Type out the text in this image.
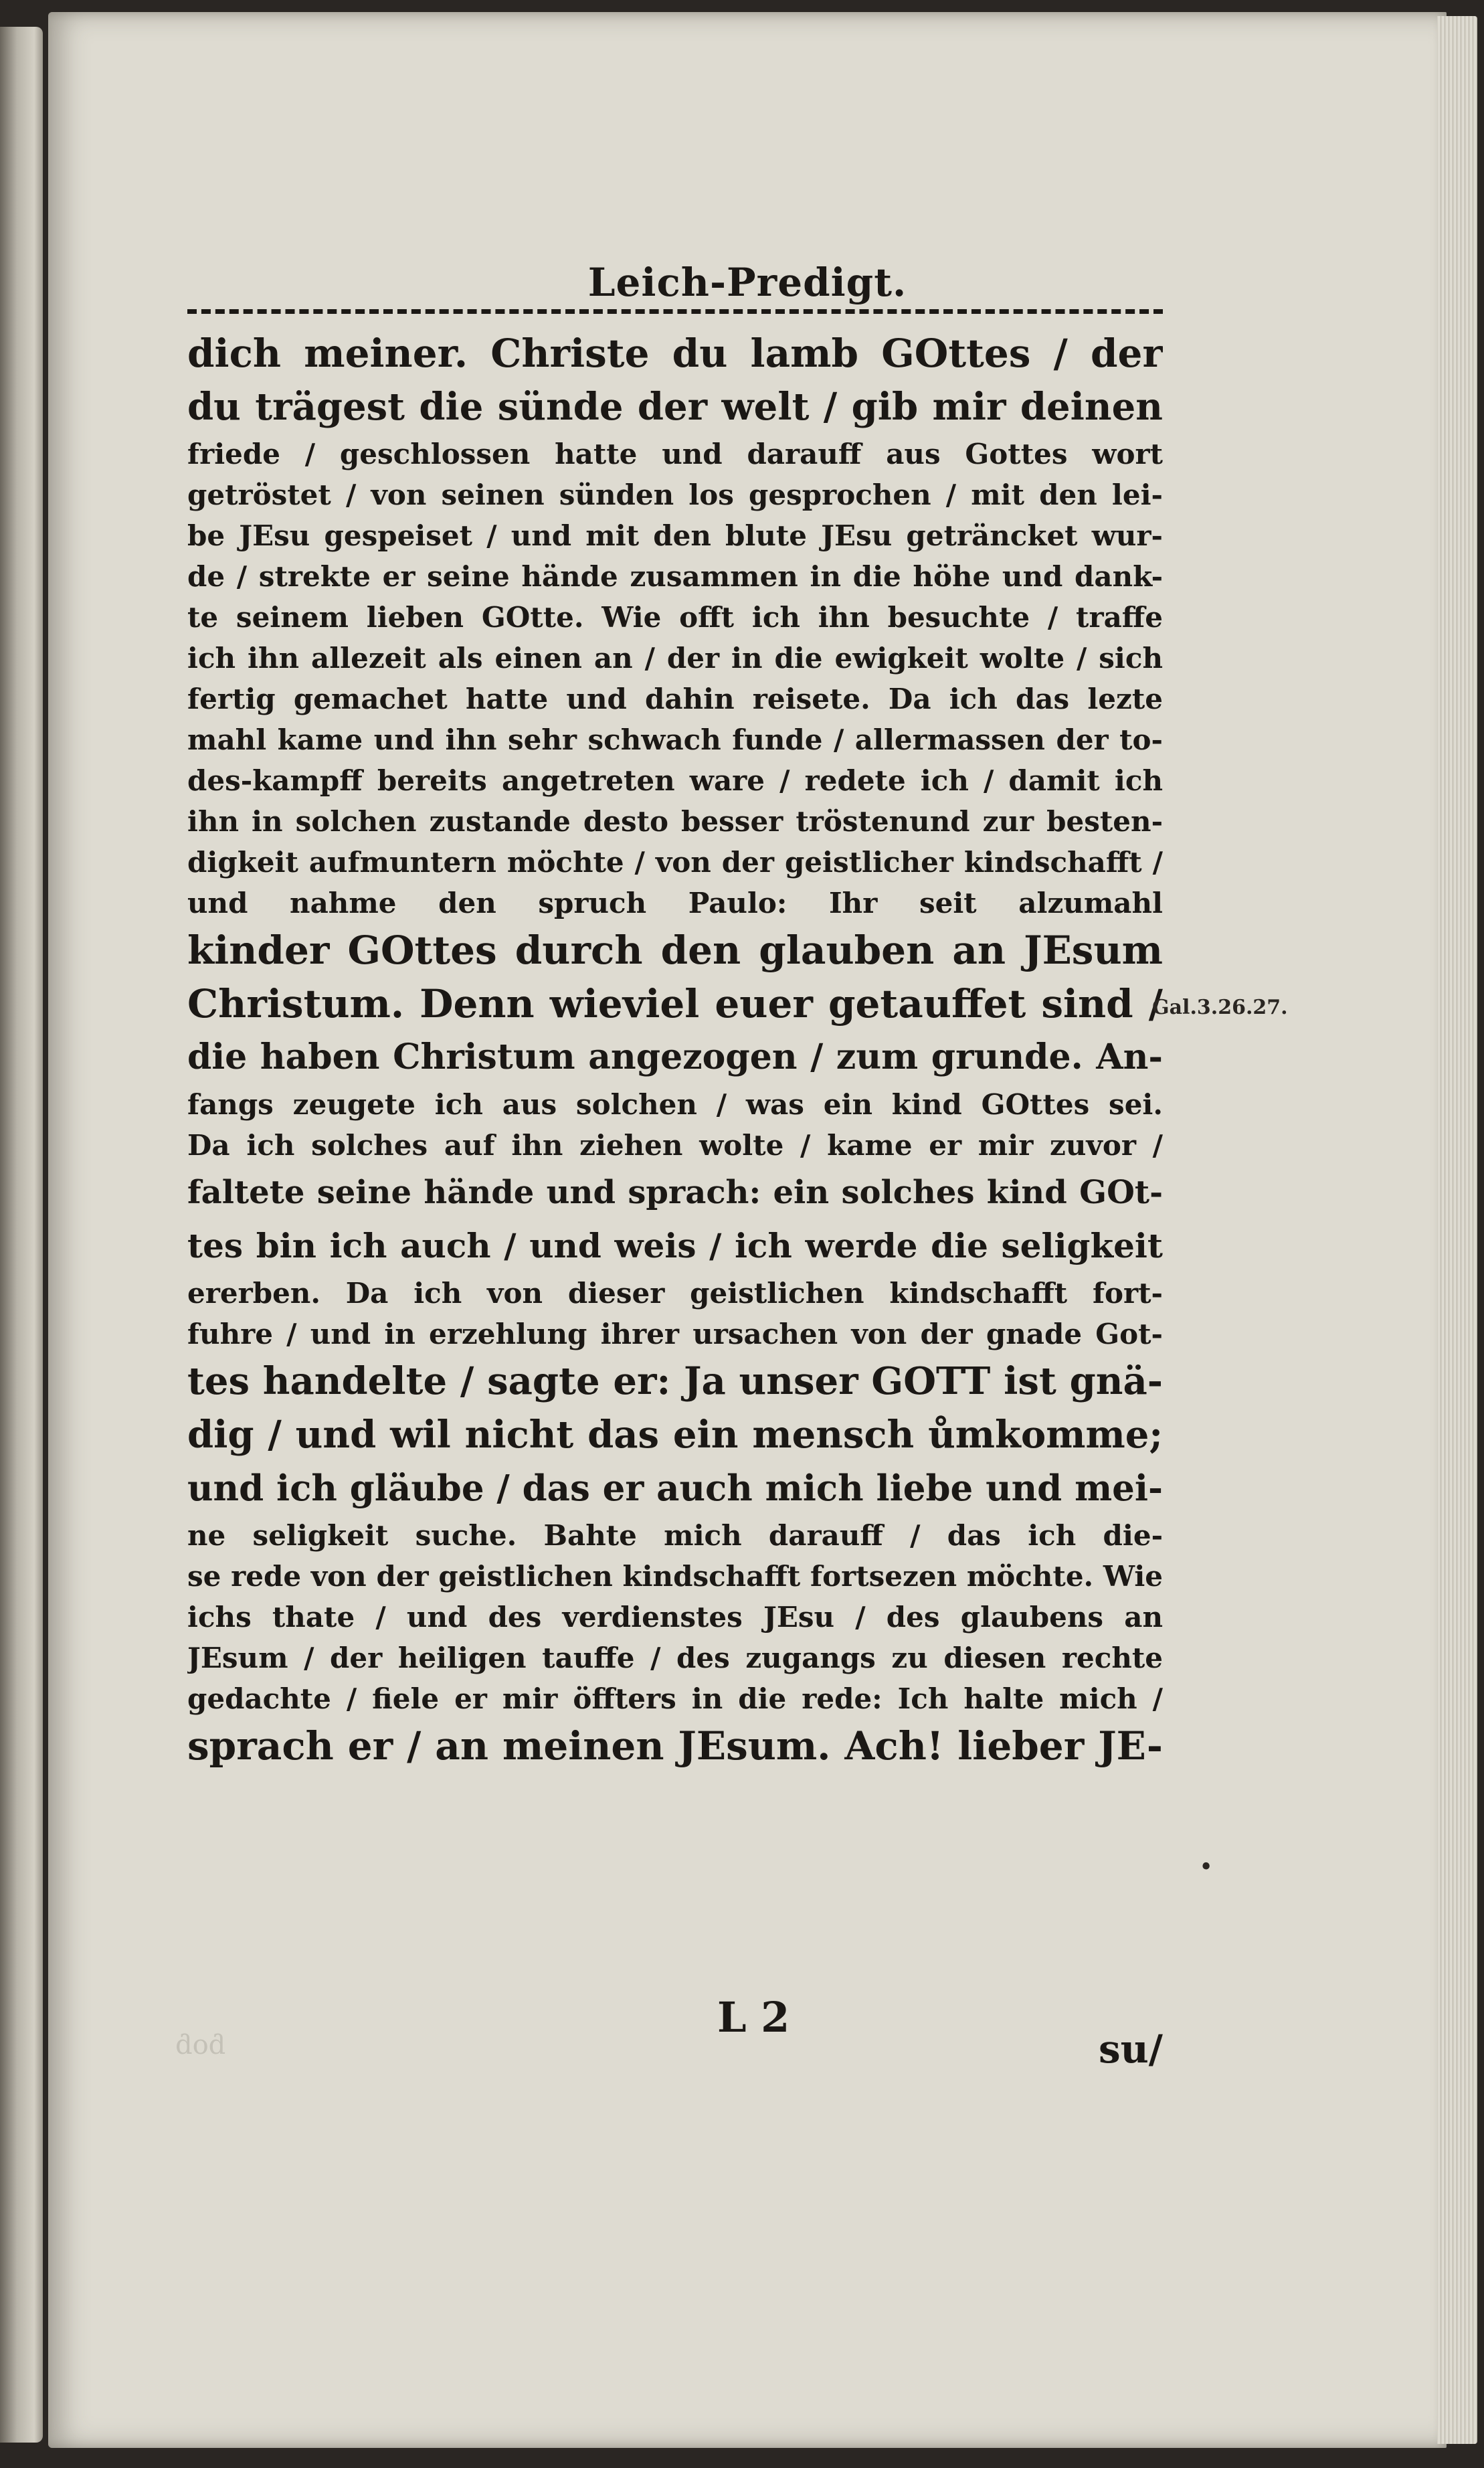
Leich-Predigt.
dich meiner. Christe du lamb GOttes / der
du trägest die sünde der welt / gib mir deinen
friede / geschlossen hatte und darauff aus Gottes wort
getröstet / von seinen sünden los gesprochen / mit den lei-
be JEsu gespeiset / und mit den blute JEsu geträncket wur-
de / strekte er seine hände zusammen in die höhe und dank-
te seinem lieben GOtte. Wie offt ich ihn besuchte / traffe
ich ihn allezeit als einen an / der in die ewigkeit wolte / sich
fertig gemachet hatte und dahin reisete. Da ich das lezte
mahl kame und ihn sehr schwach funde / allermassen der to-
des-kampff bereits angetreten ware / redete ich / damit ich
ihn in solchen zustande desto besser tröstenund zur besten-
digkeit aufmuntern möchte / von der geistlicher kindschafft /
und nahme den spruch Paulo: Ihr seit alzumahl
kinder GOttes durch den glauben an JEsum
Christum. Denn wieviel euer getauffet sind /
die haben Christum angezogen / zum grunde. An-
fangs zeugete ich aus solchen / was ein kind GOttes sei.
Da ich solches auf ihn ziehen wolte / kame er mir zuvor /
faltete seine hände und sprach: ein solches kind GOt-
tes bin ich auch / und weis / ich werde die seligkeit
ererben. Da ich von dieser geistlichen kindschafft fort-
fuhre / und in erzehlung ihrer ursachen von der gnade Got-
tes handelte / sagte er: Ja unser GOTT ist gnä-
dig / und wil nicht das ein mensch ůmkomme;
und ich gläube / das er auch mich liebe und mei-
ne seligkeit suche. Bahte mich darauff / das ich die-
se rede von der geistlichen kindschafft fortsezen möchte. Wie
ichs thate / und des verdienstes JEsu / des glaubens an
JEsum / der heiligen tauffe / des zugangs zu diesen rechte
gedachte / fiele er mir öffters in die rede: Ich halte mich /
sprach er / an meinen JEsum. Ach! lieber JE-
Gal.3.26.27.
•
ɓoɓ
L 2
su/
